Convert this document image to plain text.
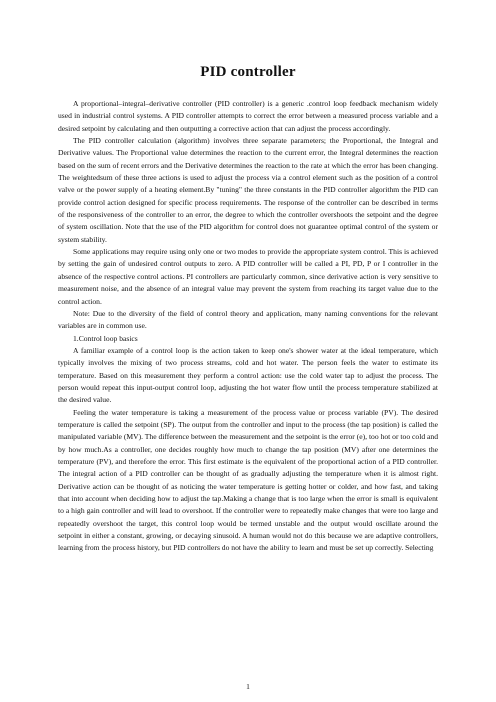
PID controller

A proportional–integral–derivative controller (PID controller) is a generic .control loop feedback mechanism widely used in industrial control systems. A PID controller attempts to correct the error between a measured process variable and a desired setpoint by calculating and then outputting a corrective action that can adjust the process accordingly.

The PID controller calculation (algorithm) involves three separate parameters; the Proportional, the Integral and Derivative values. The Proportional value determines the reaction to the current error, the Integral determines the reaction based on the sum of recent errors and the Derivative determines the reaction to the rate at which the error has been changing. The weightedsum of these three actions is used to adjust the process via a control element such as the position of a control valve or the power supply of a heating element.By "tuning" the three constants in the PID controller algorithm the PID can provide control action designed for specific process requirements. The response of the controller can be described in terms of the responsiveness of the controller to an error, the degree to which the controller overshoots the setpoint and the degree of system oscillation. Note that the use of the PID algorithm for control does not guarantee optimal control of the system or system stability.

Some applications may require using only one or two modes to provide the appropriate system control. This is achieved by setting the gain of undesired control outputs to zero. A PID controller will be called a PI, PD, P or I controller in the absence of the respective control actions. PI controllers are particularly common, since derivative action is very sensitive to measurement noise, and the absence of an integral value may prevent the system from reaching its target value due to the control action.

Note: Due to the diversity of the field of control theory and application, many naming conventions for the relevant variables are in common use.

1.Control loop basics

A familiar example of a control loop is the action taken to keep one's shower water at the ideal temperature, which typically involves the mixing of two process streams, cold and hot water. The person feels the water to estimate its temperature. Based on this measurement they perform a control action: use the cold water tap to adjust the process. The person would repeat this input-output control loop, adjusting the hot water flow until the process temperature stabilized at the desired value.

Feeling the water temperature is taking a measurement of the process value or process variable (PV). The desired temperature is called the setpoint (SP). The output from the controller and input to the process (the tap position) is called the manipulated variable (MV). The difference between the measurement and the setpoint is the error (e), too hot or too cold and by how much.As a controller, one decides roughly how much to change the tap position (MV) after one determines the temperature (PV), and therefore the error. This first estimate is the equivalent of the proportional action of a PID controller. The integral action of a PID controller can be thought of as gradually adjusting the temperature when it is almost right. Derivative action can be thought of as noticing the water temperature is getting hotter or colder, and how fast, and taking that into account when deciding how to adjust the tap.Making a change that is too large when the error is small is equivalent to a high gain controller and will lead to overshoot. If the controller were to repeatedly make changes that were too large and repeatedly overshoot the target, this control loop would be termed unstable and the output would oscillate around the setpoint in either a constant, growing, or decaying sinusoid. A human would not do this because we are adaptive controllers, learning from the process history, but PID controllers do not have the ability to learn and must be set up correctly. Selecting

1
